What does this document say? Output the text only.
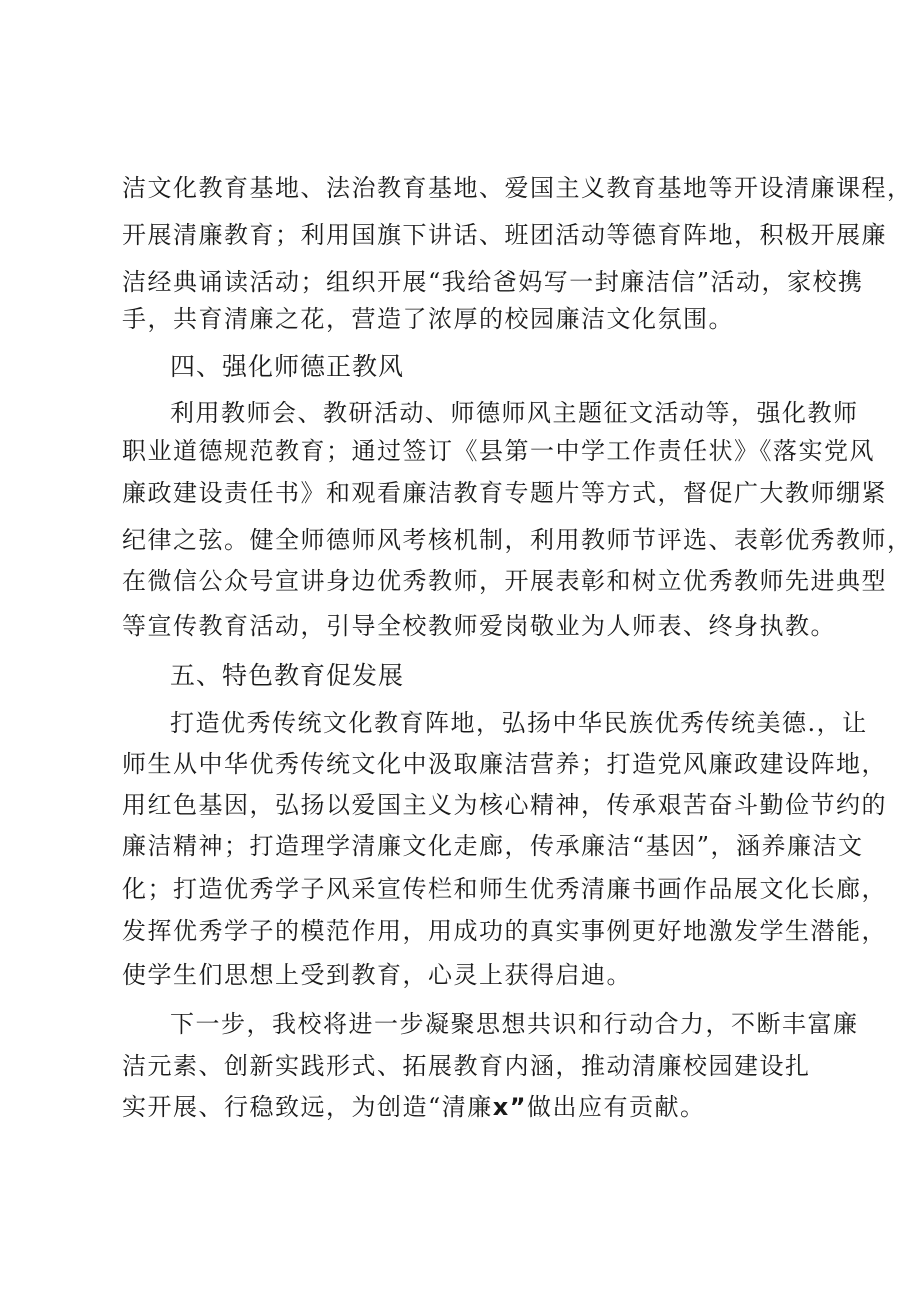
洁文化教育基地、法治教育基地、爱国主义教育基地等开设清廉课程，
开展清廉教育；利用国旗下讲话、班团活动等德育阵地，积极开展廉
洁经典诵读活动；组织开展“我给爸妈写一封廉洁信”活动，家校携
手，共育清廉之花，营造了浓厚的校园廉洁文化氛围。
四、强化师德正教风
利用教师会、教研活动、师德师风主题征文活动等，强化教师
职业道德规范教育；通过签订《县第一中学工作责任状》《落实党风
廉政建设责任书》和观看廉洁教育专题片等方式，督促广大教师绷紧
纪律之弦。健全师德师风考核机制，利用教师节评选、表彰优秀教师，
在微信公众号宣讲身边优秀教师，开展表彰和树立优秀教师先进典型
等宣传教育活动，引导全校教师爱岗敬业为人师表、终身执教。
五、特色教育促发展
打造优秀传统文化教育阵地，弘扬中华民族优秀传统美德.，让
师生从中华优秀传统文化中汲取廉洁营养；打造党风廉政建设阵地，
用红色基因，弘扬以爱国主义为核心精神，传承艰苦奋斗勤俭节约的
廉洁精神；打造理学清廉文化走廊，传承廉洁“基因”，涵养廉洁文
化；打造优秀学子风采宣传栏和师生优秀清廉书画作品展文化长廊，
发挥优秀学子的模范作用，用成功的真实事例更好地激发学生潜能，
使学生们思想上受到教育，心灵上获得启迪。
下一步，我校将进一步凝聚思想共识和行动合力，不断丰富廉
洁元素、创新实践形式、拓展教育内涵，推动清廉校园建设扎
实开展、行稳致远，为创造“清廉x”做出应有贡献。
